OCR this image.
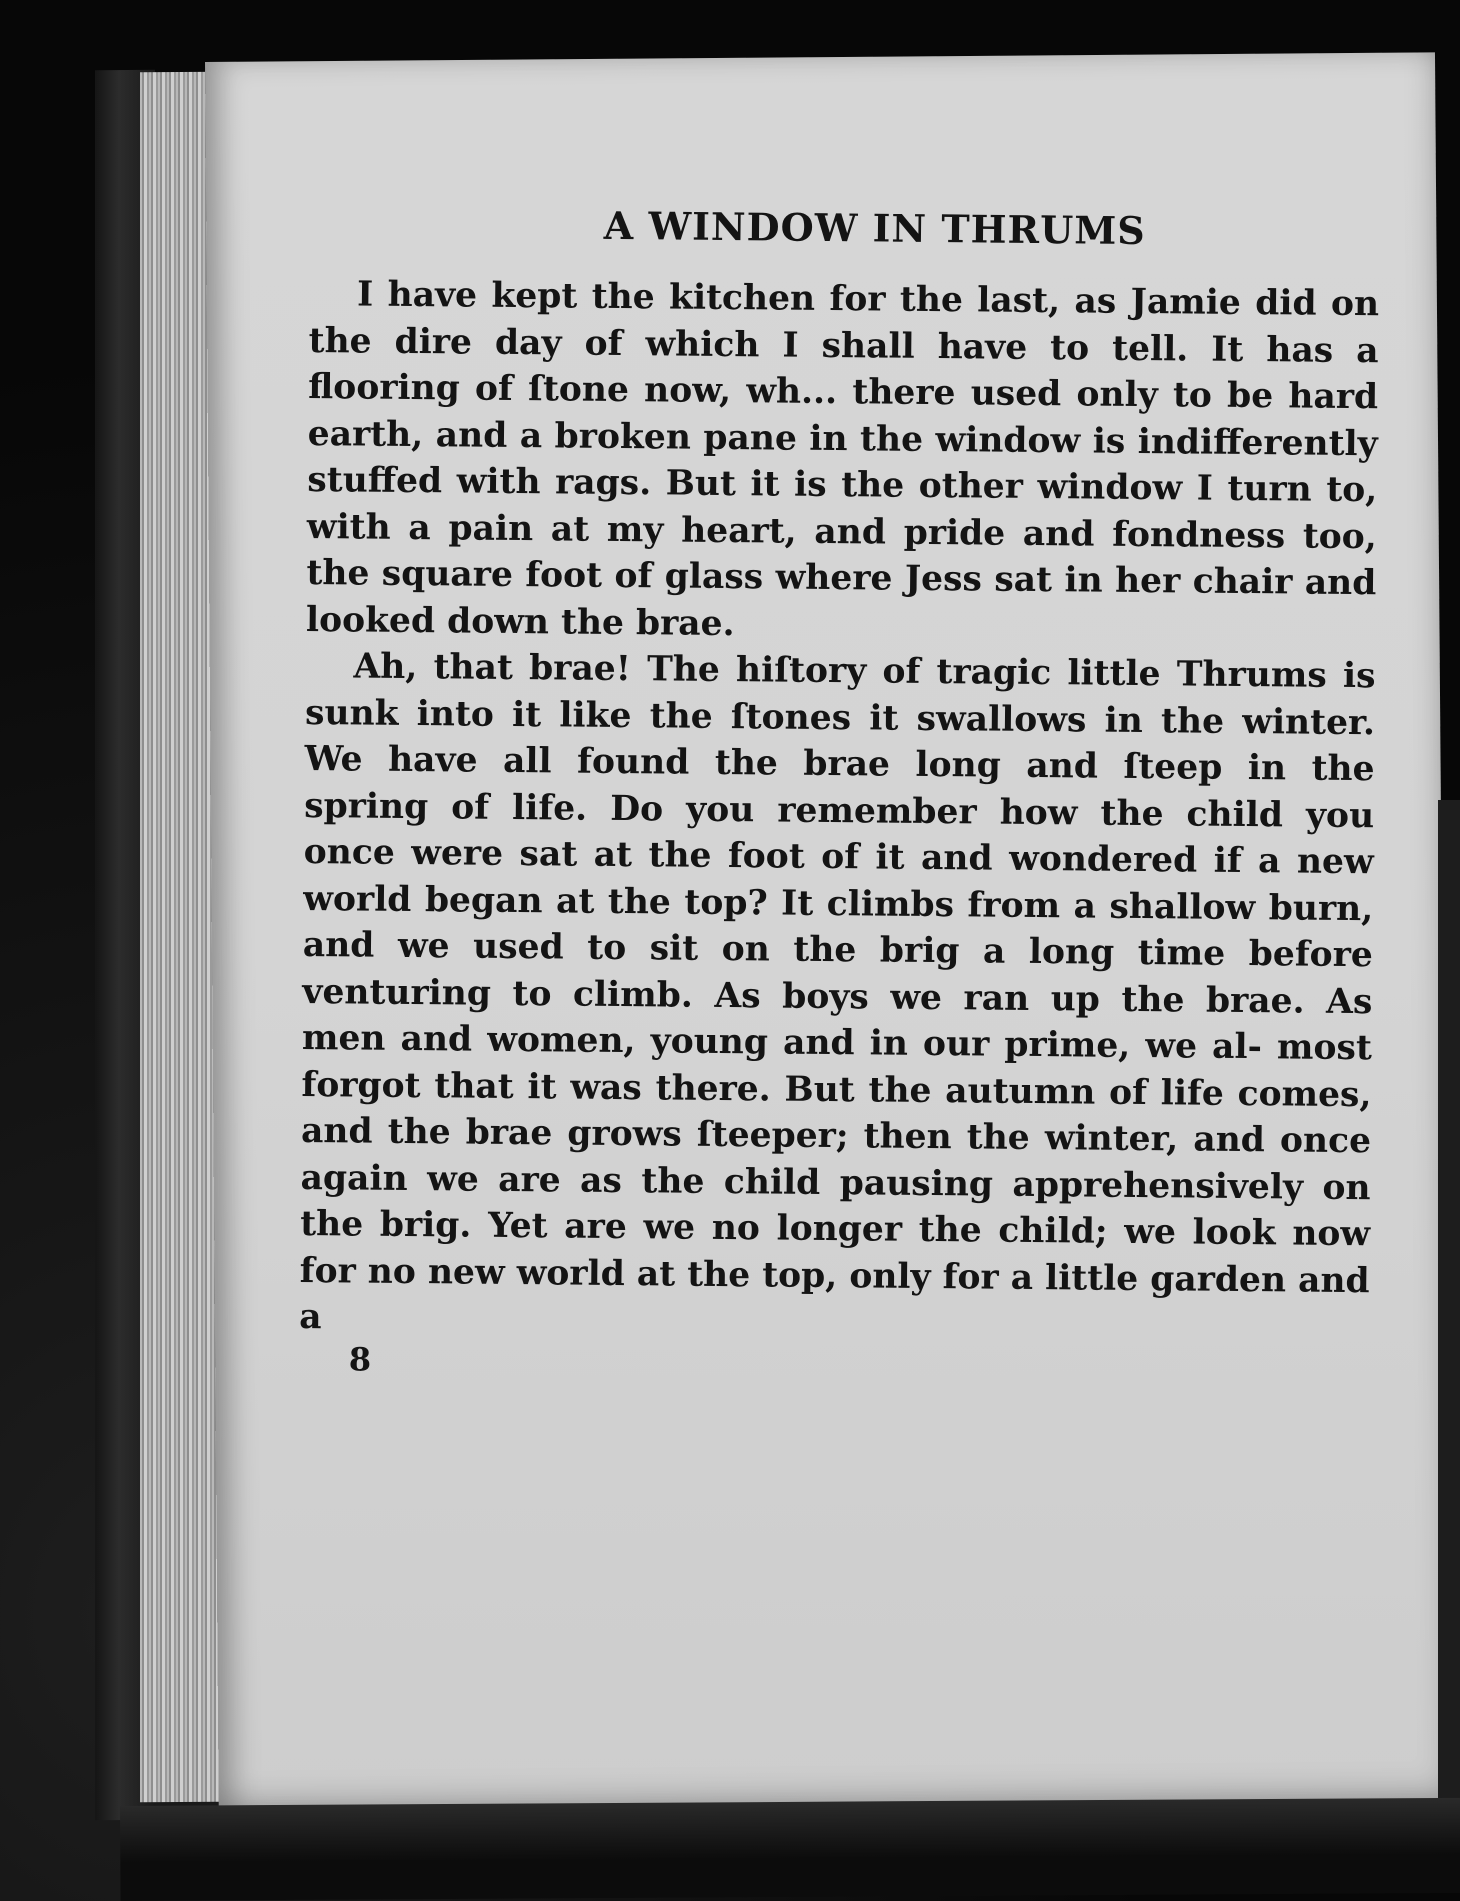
A WINDOW IN THRUMS

I have kept the kitchen for the last, as Jamie did on the dire day of which I shall have to tell. It has a flooring of ſtone now, wh... there used only to be hard earth, and a broken pane in the window is indifferently stuffed with rags. But it is the other window I turn to, with a pain at my heart, and pride and fondness too, the square foot of glass where Jess sat in her chair and looked down the brae.

Ah, that brae! The hiſtory of tragic little Thrums is sunk into it like the ſtones it swallows in the winter. We have all found the brae long and ſteep in the spring of life. Do you remember how the child you once were sat at the foot of it and wondered if a new world began at the top? It climbs from a shallow burn, and we used to sit on the brig a long time before venturing to climb. As boys we ran up the brae. As men and women, young and in our prime, we al- most forgot that it was there. But the autumn of life comes, and the brae grows ſteeper; then the winter, and once again we are as the child pausing apprehensively on the brig. Yet are we no longer the child; we look now for no new world at the top, only for a little garden and a

8
